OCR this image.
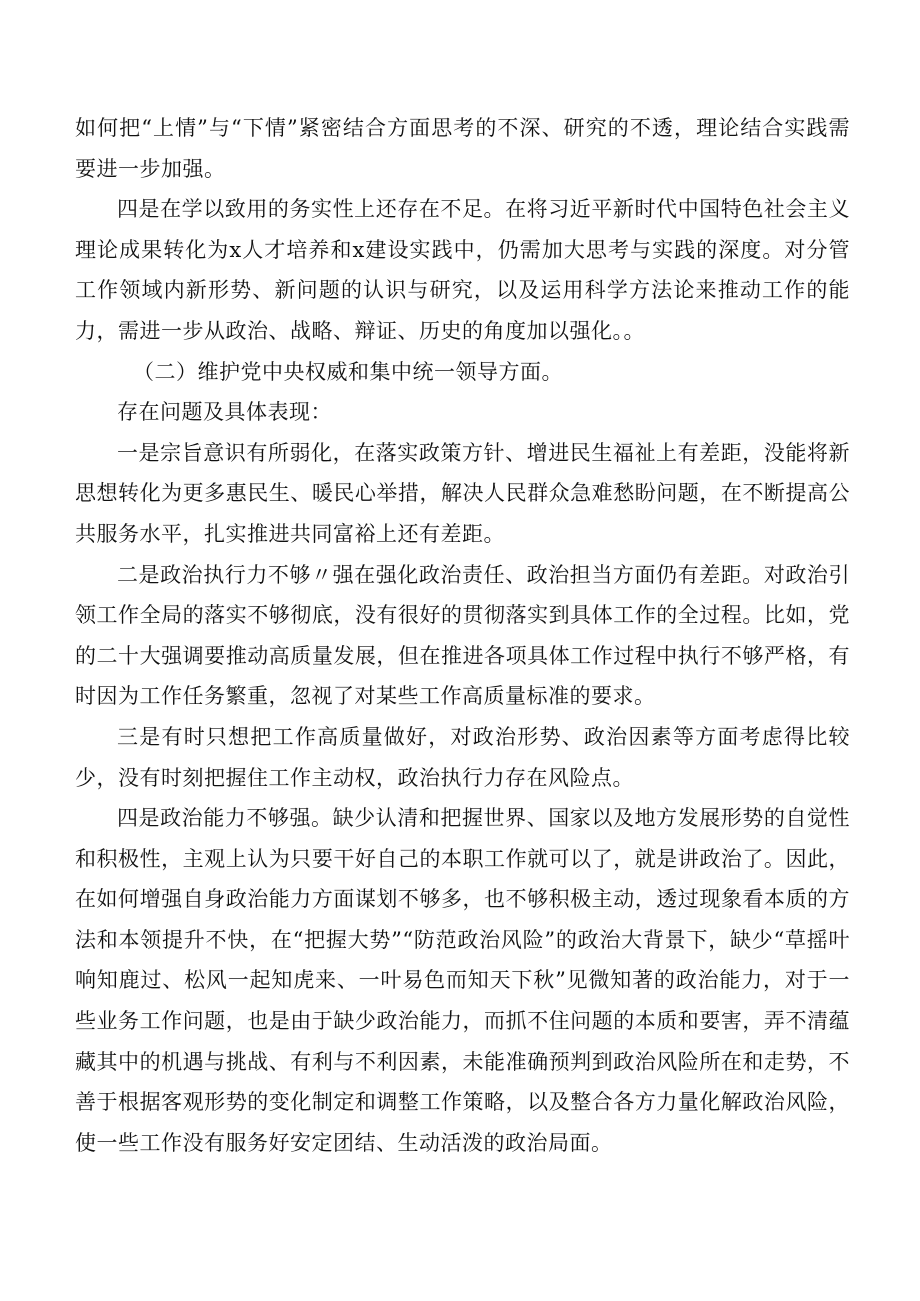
如何把“上情”与“下情”紧密结合方面思考的不深、研究的不透，理论结合实践需要进一步加强。

四是在学以致用的务实性上还存在不足。在将习近平新时代中国特色社会主义理论成果转化为x人才培养和x建设实践中，仍需加大思考与实践的深度。对分管工作领域内新形势、新问题的认识与研究，以及运用科学方法论来推动工作的能力，需进一步从政治、战略、辩证、历史的角度加以强化。。

（二）维护党中央权威和集中统一领导方面。

存在问题及具体表现：

一是宗旨意识有所弱化，在落实政策方针、增进民生福祉上有差距，没能将新思想转化为更多惠民生、暖民心举措，解决人民群众急难愁盼问题，在不断提高公共服务水平，扎实推进共同富裕上还有差距。

二是政治执行力不够〃强在强化政治责任、政治担当方面仍有差距。对政治引领工作全局的落实不够彻底，没有很好的贯彻落实到具体工作的全过程。比如，党的二十大强调要推动高质量发展，但在推进各项具体工作过程中执行不够严格，有时因为工作任务繁重，忽视了对某些工作高质量标准的要求。

三是有时只想把工作高质量做好，对政治形势、政治因素等方面考虑得比较少，没有时刻把握住工作主动权，政治执行力存在风险点。

四是政治能力不够强。缺少认清和把握世界、国家以及地方发展形势的自觉性和积极性，主观上认为只要干好自己的本职工作就可以了，就是讲政治了。因此，在如何增强自身政治能力方面谋划不够多，也不够积极主动，透过现象看本质的方法和本领提升不快，在“把握大势”“防范政治风险”的政治大背景下，缺少“草摇叶响知鹿过、松风一起知虎来、一叶易色而知天下秋”见微知著的政治能力，对于一些业务工作问题，也是由于缺少政治能力，而抓不住问题的本质和要害，弄不清蕴藏其中的机遇与挑战、有利与不利因素，未能准确预判到政治风险所在和走势，不善于根据客观形势的变化制定和调整工作策略，以及整合各方力量化解政治风险，使一些工作没有服务好安定团结、生动活泼的政治局面。
